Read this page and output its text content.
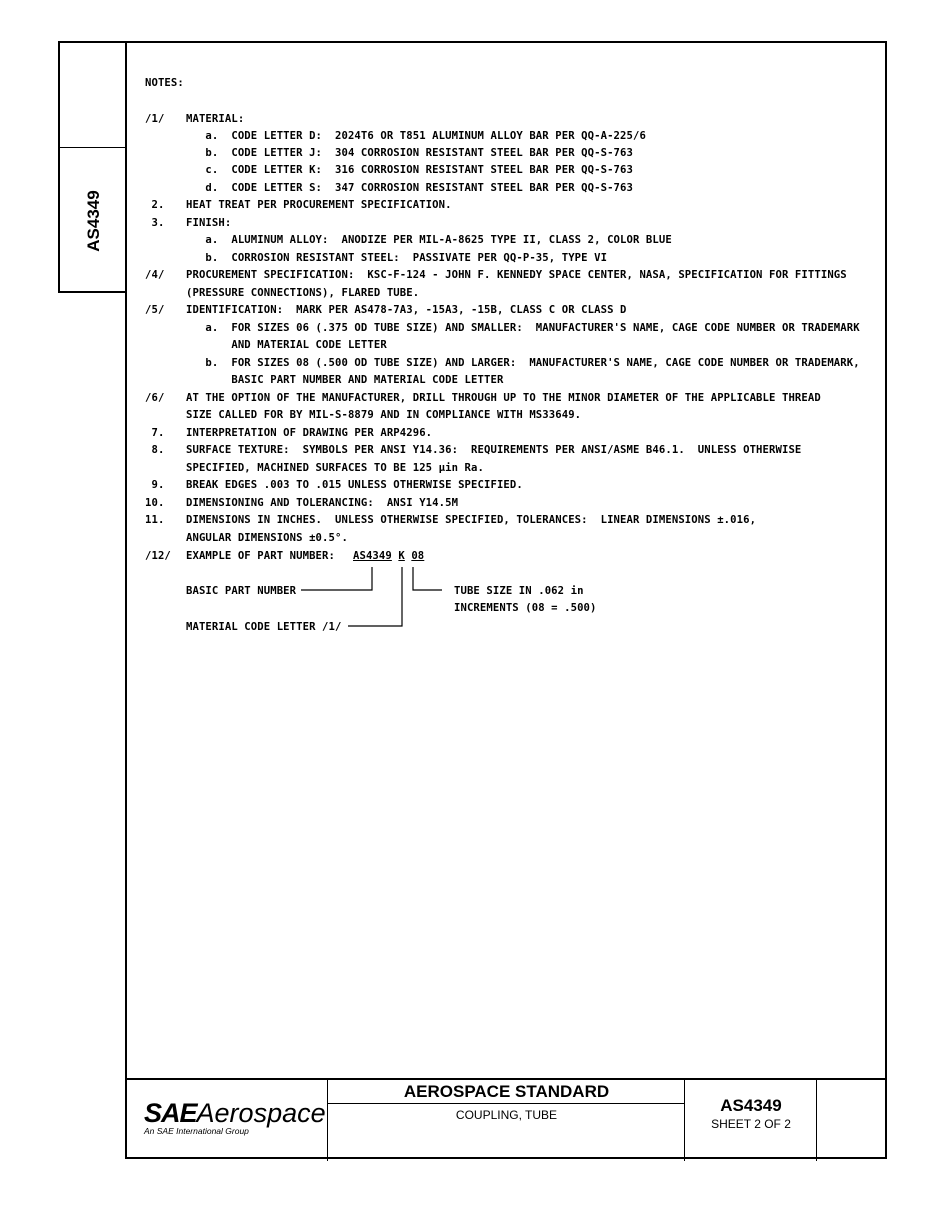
AS4349
NOTES:
/1/ MATERIAL:
a.  CODE LETTER D:  2024T6 OR T851 ALUMINUM ALLOY BAR PER QQ-A-225/6
b.  CODE LETTER J:  304 CORROSION RESISTANT STEEL BAR PER QQ-S-763
c.  CODE LETTER K:  316 CORROSION RESISTANT STEEL BAR PER QQ-S-763
d.  CODE LETTER S:  347 CORROSION RESISTANT STEEL BAR PER QQ-S-763
2. HEAT TREAT PER PROCUREMENT SPECIFICATION.
3. FINISH:
a.  ALUMINUM ALLOY:  ANODIZE PER MIL-A-8625 TYPE II, CLASS 2, COLOR BLUE
b.  CORROSION RESISTANT STEEL:  PASSIVATE PER QQ-P-35, TYPE VI
/4/ PROCUREMENT SPECIFICATION:  KSC-F-124 - JOHN F. KENNEDY SPACE CENTER, NASA, SPECIFICATION FOR FITTINGS
(PRESSURE CONNECTIONS), FLARED TUBE.
/5/ IDENTIFICATION:  MARK PER AS478-7A3, -15A3, -15B, CLASS C OR CLASS D
a.  FOR SIZES 06 (.375 OD TUBE SIZE) AND SMALLER:  MANUFACTURER'S NAME, CAGE CODE NUMBER OR TRADEMARK
AND MATERIAL CODE LETTER
b.  FOR SIZES 08 (.500 OD TUBE SIZE) AND LARGER:  MANUFACTURER'S NAME, CAGE CODE NUMBER OR TRADEMARK,
BASIC PART NUMBER AND MATERIAL CODE LETTER
/6/ AT THE OPTION OF THE MANUFACTURER, DRILL THROUGH UP TO THE MINOR DIAMETER OF THE APPLICABLE THREAD
SIZE CALLED FOR BY MIL-S-8879 AND IN COMPLIANCE WITH MS33649.
7. INTERPRETATION OF DRAWING PER ARP4296.
8. SURFACE TEXTURE:  SYMBOLS PER ANSI Y14.36:  REQUIREMENTS PER ANSI/ASME B46.1.  UNLESS OTHERWISE
SPECIFIED, MACHINED SURFACES TO BE 125 μin Ra.
9. BREAK EDGES .003 TO .015 UNLESS OTHERWISE SPECIFIED.
10. DIMENSIONING AND TOLERANCING:  ANSI Y14.5M
11. DIMENSIONS IN INCHES.  UNLESS OTHERWISE SPECIFIED, TOLERANCES:  LINEAR DIMENSIONS ±.016,
ANGULAR DIMENSIONS ±0.5°.
/12/ EXAMPLE OF PART NUMBER: AS4349 K 08
BASIC PART NUMBER	TUBE SIZE IN .062 in
INCREMENTS (08 = .500)
MATERIAL CODE LETTER /1/
SAEAerospace
An SAE International Group
AEROSPACE STANDARD
COUPLING, TUBE	AS4349
SHEET 2 OF 2
